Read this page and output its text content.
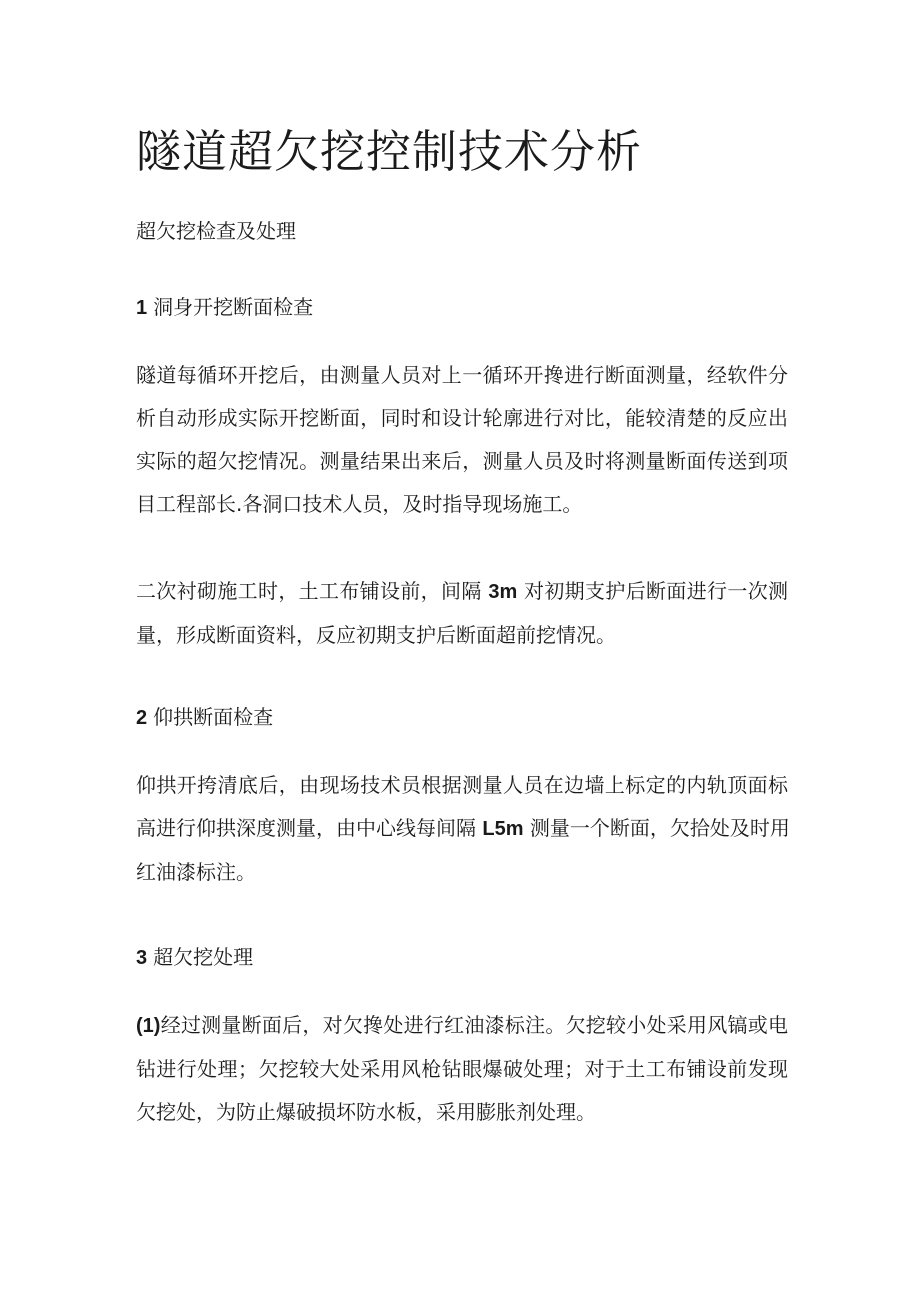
隧道超欠挖控制技术分析

超欠挖检查及处理

1 洞身开挖断面检查

隧道每循环开挖后，由测量人员对上一循环开搀进行断面测量，经软件分
析自动形成实际开挖断面，同时和设计轮廓进行对比，能较清楚的反应出
实际的超欠挖情况。测量结果出来后，测量人员及时将测量断面传送到项
目工程部长.各洞口技术人员，及时指导现场施工。

二次衬砌施工时，土工布铺设前，间隔 3m 对初期支护后断面进行一次测
量，形成断面资料，反应初期支护后断面超前挖情况。

2 仰拱断面检查

仰拱开挎清底后，由现场技术员根据测量人员在边墙上标定的内轨顶面标
高进行仰拱深度测量，由中心线每间隔 L5m 测量一个断面，欠拾处及时用
红油漆标注。

3 超欠挖处理

(1)经过测量断面后，对欠搀处进行红油漆标注。欠挖较小处采用风镐或电
钻进行处理；欠挖较大处采用风枪钻眼爆破处理；对于土工布铺设前发现
欠挖处，为防止爆破损坏防水板，采用膨胀剂处理。
